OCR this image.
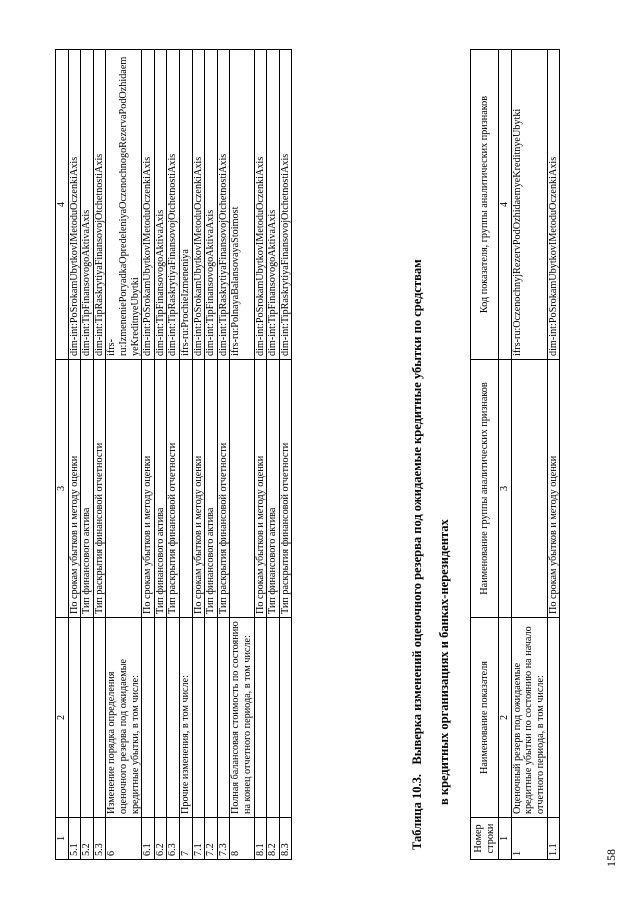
1	2	3	4
5.1		По срокам убытков и методу оценки	dim-int:PoSrokamUbytkovIMetoduOczenkiAxis
5.2		Тип финансового актива	dim-int:TipFinansovogoAktivaAxis
5.3		Тип раскрытия финансовой отчетности	dim-int:TipRaskrytiyaFinansovojOtchetnostiAxis
6	Изменение порядка определения оценочного резерва под ожидаемые кредитные убытки, в том числе:		ifrs-ru:IzmeneniePoryadkaOpredeleniyaOczenochnogoRezervaPodOzhidaemyeKreditnyeUbytki
6.1		По срокам убытков и методу оценки	dim-int:PoSrokamUbytkovIMetoduOczenkiAxis
6.2		Тип финансового актива	dim-int:TipFinansovogoAktivaAxis
6.3		Тип раскрытия финансовой отчетности	dim-int:TipRaskrytiyaFinansovojOtchetnostiAxis
7	Прочие изменения, в том числе:		ifrs-ru:ProchieIzmeneniya
7.1		По срокам убытков и методу оценки	dim-int:PoSrokamUbytkovIMetoduOczenkiAxis
7.2		Тип финансового актива	dim-int:TipFinansovogoAktivaAxis
7.3		Тип раскрытия финансовой отчетности	dim-int:TipRaskrytiyaFinansovojOtchetnostiAxis
8	Полная балансовая стоимость по состоянию на конец отчетного периода, в том числе:		ifrs-ru:PolnayaBalansovayaStoimost
8.1		По срокам убытков и методу оценки	dim-int:PoSrokamUbytkovIMetoduOczenkiAxis
8.2		Тип финансового актива	dim-int:TipFinansovogoAktivaAxis
8.3		Тип раскрытия финансовой отчетности	dim-int:TipRaskrytiyaFinansovojOtchetnostiAxis
Таблица 10.3.   Выверка изменений оценочного резерва под ожидаемые кредитные убытки по средствам в кредитных организациях и банках-нерезидентах
Номер строки	Наименование показателя	Наименование группы аналитических признаков	Код показателя, группы аналитических признаков
1	2	3	4
1	Оценочный резерв под ожидаемые кредитные убытки по состоянию на начало отчетного периода, в том числе:		ifrs-ru:OczenochnyjRezervPodOzhidaemyeKreditnyeUbytki
1.1		По срокам убытков и методу оценки	dim-int:PoSrokamUbytkovIMetoduOczenkiAxis
158
